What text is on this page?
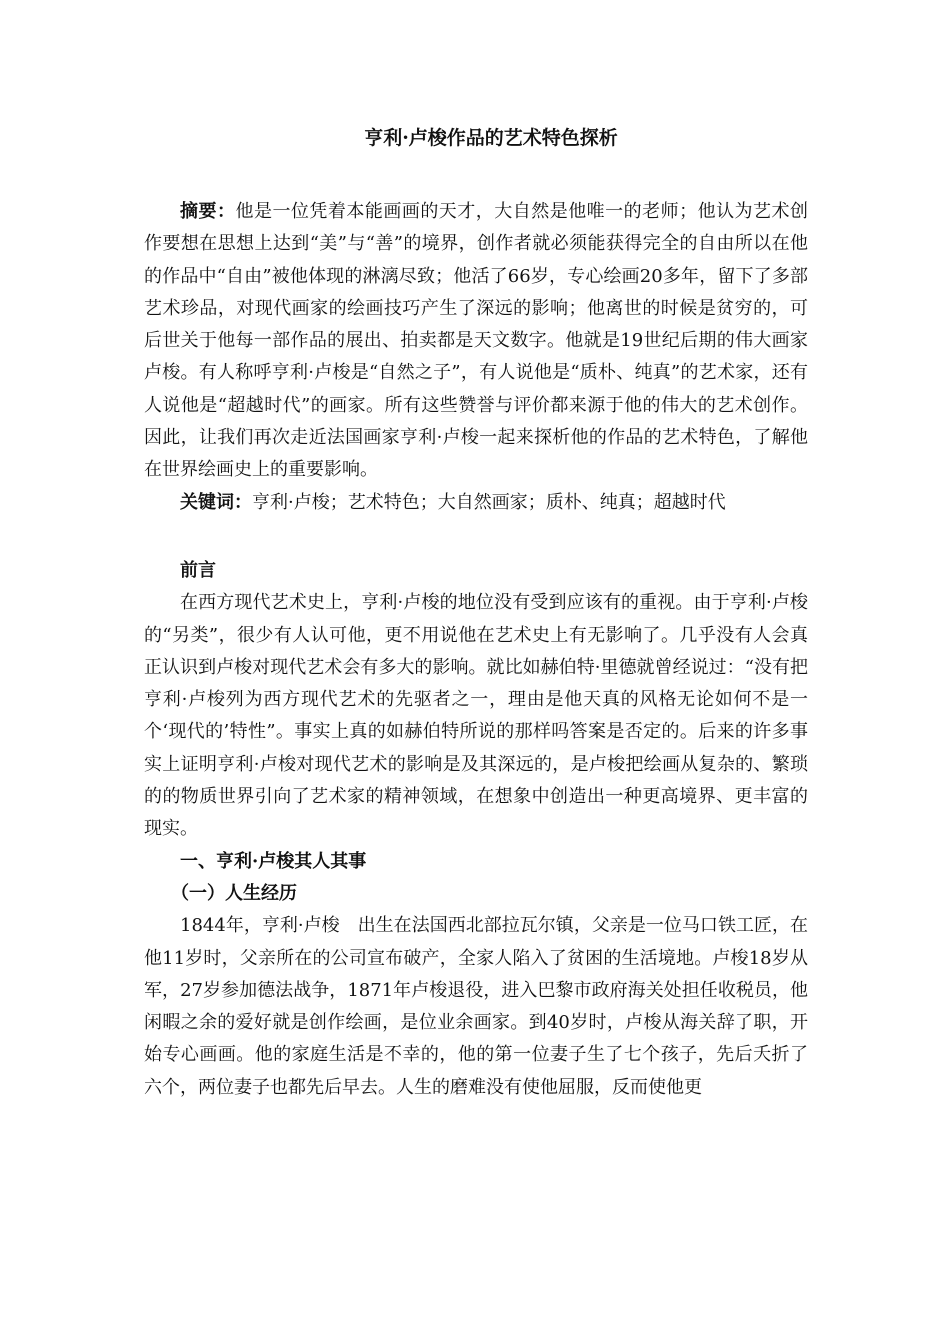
亨利·卢梭作品的艺术特色探析

摘要：他是一位凭着本能画画的天才，大自然是他唯一的老师；他认为艺术创作要想在思想上达到“美”与“善”的境界，创作者就必须能获得完全的自由所以在他的作品中“自由”被他体现的淋漓尽致；他活了66岁，专心绘画20多年，留下了多部艺术珍品，对现代画家的绘画技巧产生了深远的影响；他离世的时候是贫穷的，可后世关于他每一部作品的展出、拍卖都是天文数字。他就是19世纪后期的伟大画家卢梭。有人称呼亨利·卢梭是“自然之子”，有人说他是“质朴、纯真”的艺术家，还有人说他是“超越时代”的画家。所有这些赞誉与评价都来源于他的伟大的艺术创作。因此，让我们再次走近法国画家亨利·卢梭一起来探析他的作品的艺术特色，了解他在世界绘画史上的重要影响。

关键词：亨利·卢梭；艺术特色；大自然画家；质朴、纯真；超越时代

前言

在西方现代艺术史上，亨利·卢梭的地位没有受到应该有的重视。由于亨利·卢梭的“另类”，很少有人认可他，更不用说他在艺术史上有无影响了。几乎没有人会真正认识到卢梭对现代艺术会有多大的影响。就比如赫伯特·里德就曾经说过：“没有把亨利·卢梭列为西方现代艺术的先驱者之一，理由是他天真的风格无论如何不是一个‘现代的’特性”。事实上真的如赫伯特所说的那样吗答案是否定的。后来的许多事实上证明亨利·卢梭对现代艺术的影响是及其深远的，是卢梭把绘画从复杂的、繁琐的的物质世界引向了艺术家的精神领域，在想象中创造出一种更高境界、更丰富的现实。

一、亨利·卢梭其人其事

（一）人生经历

1844年，亨利·卢梭　出生在法国西北部拉瓦尔镇，父亲是一位马口铁工匠，在他11岁时，父亲所在的公司宣布破产，全家人陷入了贫困的生活境地。卢梭18岁从军，27岁参加德法战争，1871年卢梭退役，进入巴黎市政府海关处担任收税员，他闲暇之余的爱好就是创作绘画，是位业余画家。到40岁时，卢梭从海关辞了职，开始专心画画。他的家庭生活是不幸的，他的第一位妻子生了七个孩子，先后夭折了六个，两位妻子也都先后早去。人生的磨难没有使他屈服，反而使他更
